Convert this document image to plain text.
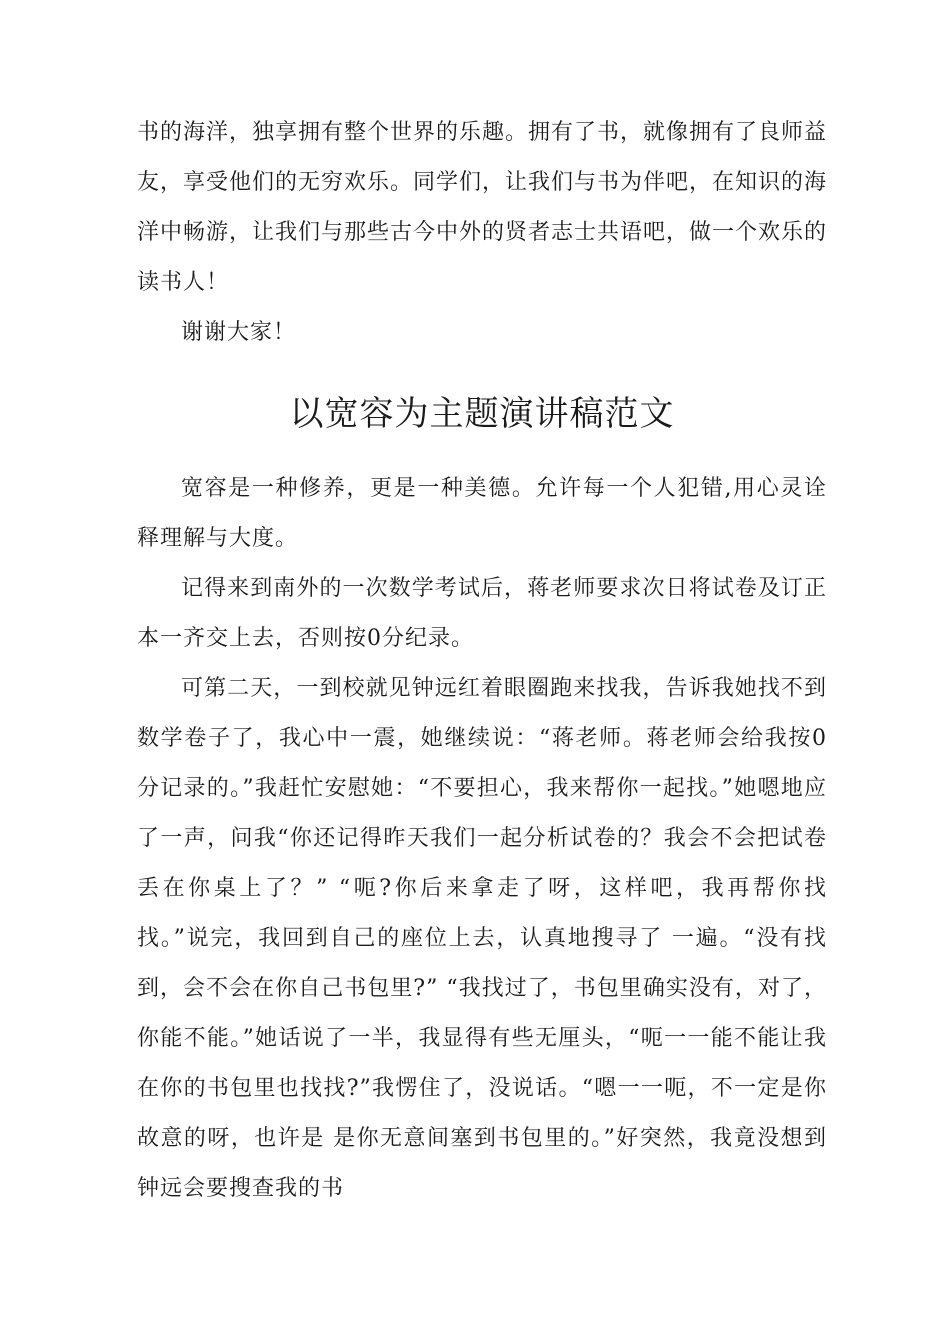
书的海洋，独享拥有整个世界的乐趣。拥有了书，就像拥有了良师益友，享受他们的无穷欢乐。同学们，让我们与书为伴吧，在知识的海洋中畅游，让我们与那些古今中外的贤者志士共语吧，做一个欢乐的读书人！

谢谢大家！

以宽容为主题演讲稿范文

宽容是一种修养，更是一种美德。允许每一个人犯错,用心灵诠释理解与大度。

记得来到南外的一次数学考试后，蒋老师要求次日将试卷及订正本一齐交上去，否则按0分纪录。

可第二天，一到校就见钟远红着眼圈跑来找我，告诉我她找不到数学卷子了，我心中一震，她继续说：“蒋老师。蒋老师会给我按0分记录的。”我赶忙安慰她：“不要担心，我来帮你一起找。”她嗯地应了一声，问我“你还记得昨天我们一起分析试卷的？我会不会把试卷丢在你桌上了？” “呃?你后来拿走了呀，这样吧，我再帮你找找。”说完，我回到自己的座位上去，认真地搜寻了 一遍。“没有找到，会不会在你自己书包里?” “我找过了，书包里确实没有，对了，你能不能。”她话说了一半，我显得有些无厘头，“呃一一能不能让我在你的书包里也找找?”我愣住了，没说话。“嗯一一呃，不一定是你故意的呀，也许是 是你无意间塞到书包里的。”好突然，我竟没想到钟远会要搜查我的书
